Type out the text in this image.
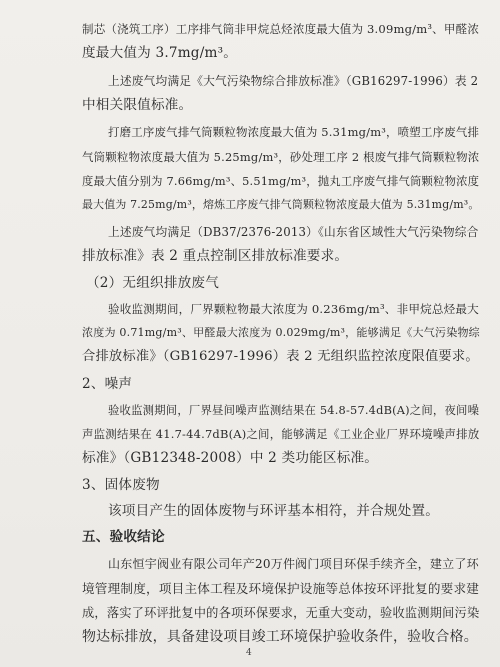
制芯（浇筑工序）工序排气筒非甲烷总烃浓度最大值为 3.09mg/m³、甲醛浓
度最大值为 3.7mg/m³。
上述废气均满足《大气污染物综合排放标准》（GB16297-1996）表 2
中相关限值标准。
打磨工序废气排气筒颗粒物浓度最大值为 5.31mg/m³，喷塑工序废气排
气筒颗粒物浓度最大值为 5.25mg/m³，砂处理工序 2 根废气排气筒颗粒物浓
度最大值分别为 7.66mg/m³、5.51mg/m³，抛丸工序废气排气筒颗粒物浓度
最大值为 7.25mg/m³，熔炼工序废气排气筒颗粒物浓度最大值为 5.31mg/m³。
上述废气均满足（DB37/2376-2013）《山东省区域性大气污染物综合
排放标准》表 2 重点控制区排放标准要求。
（2）无组织排放废气
验收监测期间，厂界颗粒物最大浓度为 0.236mg/m³、非甲烷总烃最大
浓度为 0.71mg/m³、甲醛最大浓度为 0.029mg/m³，能够满足《大气污染物综
合排放标准》（GB16297-1996）表 2 无组织监控浓度限值要求。
2、噪声
验收监测期间，厂界昼间噪声监测结果在 54.8-57.4dB(A)之间，夜间噪
声监测结果在 41.7-44.7dB(A)之间，能够满足《工业企业厂界环境噪声排放
标准》（GB12348-2008）中 2 类功能区标准。
3、固体废物
该项目产生的固体废物与环评基本相符，并合规处置。
五、验收结论
山东恒宇阀业有限公司年产20万件阀门项目环保手续齐全，建立了环
境管理制度，项目主体工程及环境保护设施等总体按环评批复的要求建
成，落实了环评批复中的各项环保要求，无重大变动，验收监测期间污染
物达标排放，具备建设项目竣工环境保护验收条件，验收合格。
4
